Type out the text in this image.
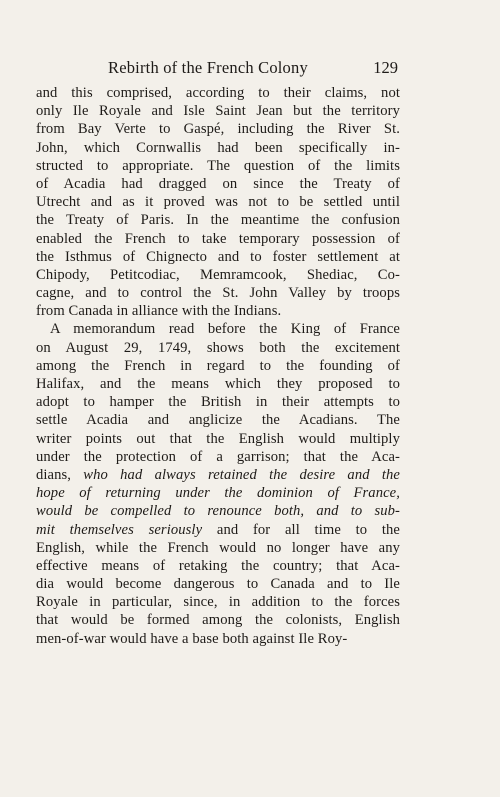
Rebirth of the French Colony	129
and this comprised, according to their claims, not
only Ile Royale and Isle Saint Jean but the territory
from Bay Verte to Gaspé, including the River St.
John, which Cornwallis had been specifically in-
structed to appropriate. The question of the limits
of Acadia had dragged on since the Treaty of
Utrecht and as it proved was not to be settled until
the Treaty of Paris. In the meantime the confusion
enabled the French to take temporary possession of
the Isthmus of Chignecto and to foster settlement at
Chipody, Petitcodiac, Memramcook, Shediac, Co-
cagne, and to control the St. John Valley by troops
from Canada in alliance with the Indians.
A memorandum read before the King of France
on August 29, 1749, shows both the excitement
among the French in regard to the founding of
Halifax, and the means which they proposed to
adopt to hamper the British in their attempts to
settle Acadia and anglicize the Acadians. The
writer points out that the English would multiply
under the protection of a garrison; that the Aca-
dians, who had always retained the desire and the
hope of returning under the dominion of France,
would be compelled to renounce both, and to sub-
mit themselves seriously and for all time to the
English, while the French would no longer have any
effective means of retaking the country; that Aca-
dia would become dangerous to Canada and to Ile
Royale in particular, since, in addition to the forces
that would be formed among the colonists, English
men-of-war would have a base both against Ile Roy-
